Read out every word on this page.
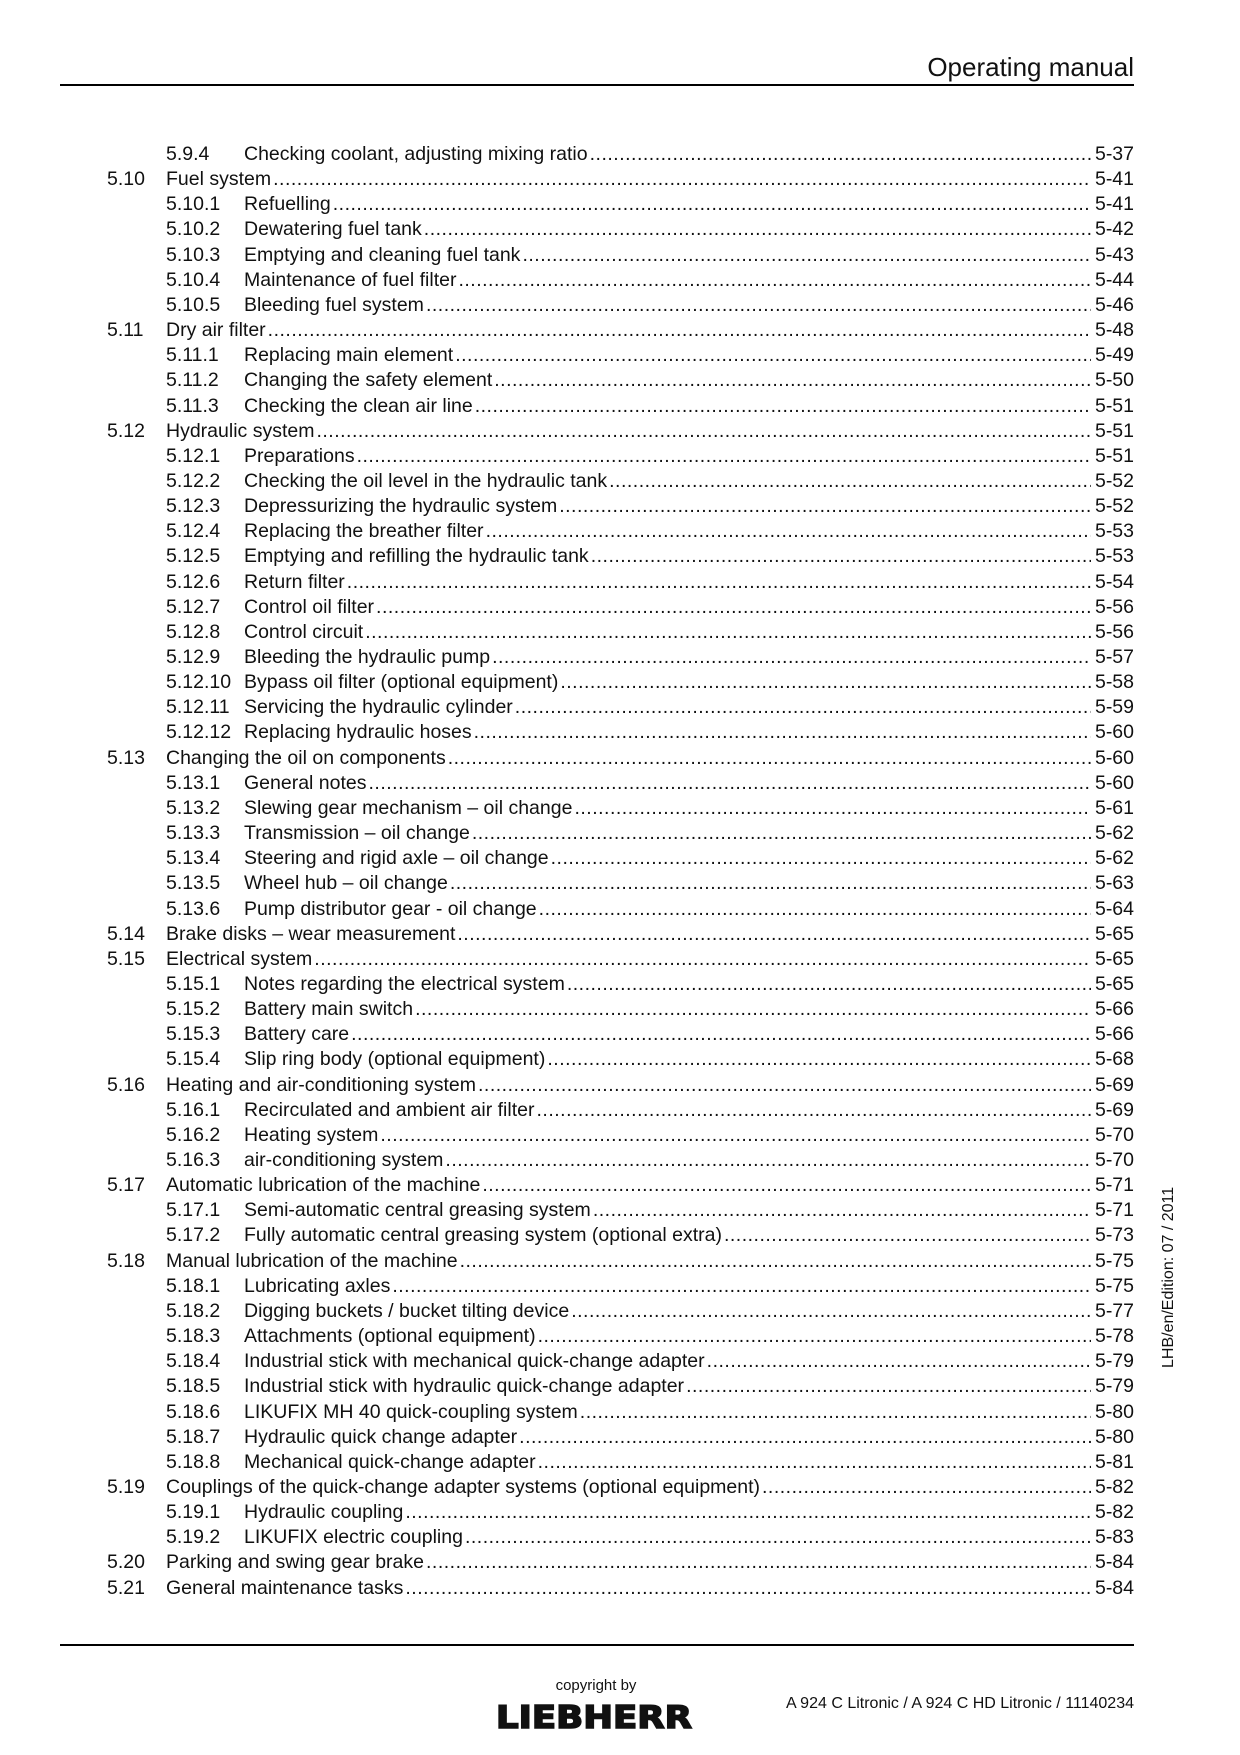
Operating manual
5.9.4 Checking coolant, adjusting mixing ratio .....	5-37
5.10 Fuel system .....	5-41
5.10.1 Refuelling .....	5-41
5.10.2 Dewatering fuel tank .....	5-42
5.10.3 Emptying and cleaning fuel tank .....	5-43
5.10.4 Maintenance of fuel filter .....	5-44
5.10.5 Bleeding fuel system .....	5-46
5.11 Dry air filter .....	5-48
5.11.1 Replacing main element .....	5-49
5.11.2 Changing the safety element .....	5-50
5.11.3 Checking the clean air line .....	5-51
5.12 Hydraulic system .....	5-51
5.12.1 Preparations .....	5-51
5.12.2 Checking the oil level in the hydraulic tank .....	5-52
5.12.3 Depressurizing the hydraulic system .....	5-52
5.12.4 Replacing the breather filter .....	5-53
5.12.5 Emptying and refilling the hydraulic tank .....	5-53
5.12.6 Return filter .....	5-54
5.12.7 Control oil filter .....	5-56
5.12.8 Control circuit .....	5-56
5.12.9 Bleeding the hydraulic pump .....	5-57
5.12.10 Bypass oil filter (optional equipment) .....	5-58
5.12.11 Servicing the hydraulic cylinder .....	5-59
5.12.12 Replacing hydraulic hoses .....	5-60
5.13 Changing the oil on components .....	5-60
5.13.1 General notes .....	5-60
5.13.2 Slewing gear mechanism – oil change .....	5-61
5.13.3 Transmission – oil change .....	5-62
5.13.4 Steering and rigid axle – oil change .....	5-62
5.13.5 Wheel hub – oil change .....	5-63
5.13.6 Pump distributor gear - oil change .....	5-64
5.14 Brake disks – wear measurement .....	5-65
5.15 Electrical system .....	5-65
5.15.1 Notes regarding the electrical system .....	5-65
5.15.2 Battery main switch .....	5-66
5.15.3 Battery care .....	5-66
5.15.4 Slip ring body (optional equipment) .....	5-68
5.16 Heating and air-conditioning system .....	5-69
5.16.1 Recirculated and ambient air filter .....	5-69
5.16.2 Heating system .....	5-70
5.16.3 air-conditioning system .....	5-70
5.17 Automatic lubrication of the machine .....	5-71
5.17.1 Semi-automatic central greasing system .....	5-71
5.17.2 Fully automatic central greasing system (optional extra) .....	5-73
5.18 Manual lubrication of the machine .....	5-75
5.18.1 Lubricating axles .....	5-75
5.18.2 Digging buckets / bucket tilting device .....	5-77
5.18.3 Attachments (optional equipment) .....	5-78
5.18.4 Industrial stick with mechanical quick-change adapter .....	5-79
5.18.5 Industrial stick with hydraulic quick-change adapter .....	5-79
5.18.6 LIKUFIX MH 40 quick-coupling system .....	5-80
5.18.7 Hydraulic quick change adapter .....	5-80
5.18.8 Mechanical quick-change adapter .....	5-81
5.19 Couplings of the quick-change adapter systems (optional equipment) .....	5-82
5.19.1 Hydraulic coupling .....	5-82
5.19.2 LIKUFIX electric coupling .....	5-83
5.20 Parking and swing gear brake .....	5-84
5.21 General maintenance tasks .....	5-84
LHB/en/Edition: 07 / 2011
copyright by
LIEBHERR	A 924 C Litronic / A 924 C HD Litronic / 11140234
